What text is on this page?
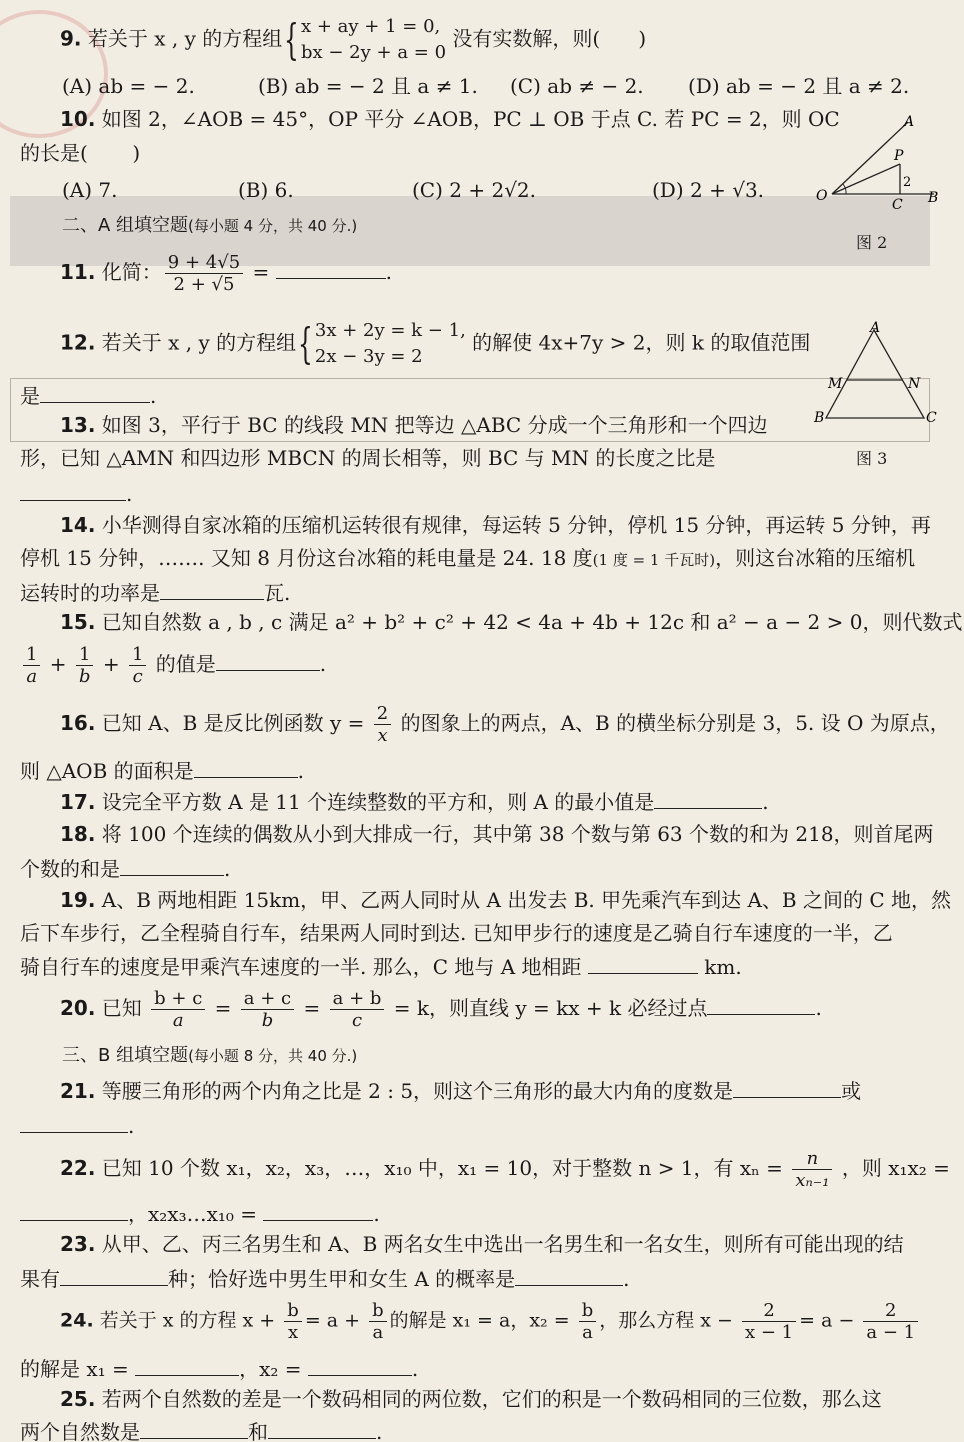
9. 若关于 x , y 的方程组{ x + ay + 1 = 0,
bx − 2y + a = 0 没有实数解，则( )
(A) ab = − 2.	(B) ab = − 2 且 a ≠ 1. (C) ab ≠ − 2. (D) ab = − 2 且 a ≠ 2.
10. 如图 2，∠AOB = 45°，OP 平分 ∠AOB，PC ⊥ OB 于点 C. 若 PC = 2，则 OC
的长是( )
(A) 7.	(B) 6.	(C) 2 + 2√2.	(D) 2 + √3.
A
P
2
O
C B
图 2
二、A 组填空题(每小题 4 分，共 40 分.)
11. 化简： $\frac{9 + 4√5}{2 + √5}$ =	.
12. 若关于 x , y 的方程组{ 3x + 2y = k − 1,
2x − 3y = 2 的解使 4x+7y > 2，则 k 的取值范围
是	.
A
M	N
B	C
图 3
13. 如图 3，平行于 BC 的线段 MN 把等边 △ABC 分成一个三角形和一个四边
形，已知 △AMN 和四边形 MBCN 的周长相等，则 BC 与 MN 的长度之比是
.
14. 小华测得自家冰箱的压缩机运转很有规律，每运转 5 分钟，停机 15 分钟，再运转 5 分钟，再
停机 15 分钟，……. 又知 8 月份这台冰箱的耗电量是 24. 18 度(1 度 = 1 千瓦时)，则这台冰箱的压缩机
运转时的功率是	瓦.
15. 已知自然数 a , b , c 满足 a² + b² + c² + 42 < 4a + 4b + 12c 和 a² − a − 2 > 0，则代数式
$\frac{1}{a} + \frac{1}{b} + \frac{1}{c}$ 的值是	.
16. 已知 A、B 是反比例函数 $y = \frac{2}{x}$ 的图象上的两点，A、B 的横坐标分别是 3，5. 设 O 为原点，
则 △AOB 的面积是	.
17. 设完全平方数 A 是 11 个连续整数的平方和，则 A 的最小值是	.
18. 将 100 个连续的偶数从小到大排成一行，其中第 38 个数与第 63 个数的和为 218，则首尾两
个数的和是	.
19. A、B 两地相距 15km，甲、乙两人同时从 A 出发去 B. 甲先乘汽车到达 A、B 之间的 C 地，然
后下车步行，乙全程骑自行车，结果两人同时到达. 已知甲步行的速度是乙骑自行车速度的一半，乙
骑自行车的速度是甲乘汽车速度的一半. 那么，C 地与 A 地相距	km.
20. 已知 $\frac{b + c}{a} = \frac{a + c}{b} = \frac{a + b}{c} = k$，则直线 y = kx + k 必经过点	.
三、B 组填空题(每小题 8 分，共 40 分.)
21. 等腰三角形的两个内角之比是 2 : 5，则这个三角形的最大内角的度数是	或
.
22. 已知 10 个数 x₁，x₂，x₃，…，x₁₀ 中，x₁ = 10，对于整数 n > 1，有 $x_n = \frac{n}{\text{xₙ₋₁}}$ ，则 x₁x₂ =
，x₂x₃…x₁₀ =	.
23. 从甲、乙、丙三名男生和 A、B 两名女生中选出一名男生和一名女生，则所有可能出现的结
果有	种；恰好选中男生甲和女生 A 的概率是	.
24. 若关于 x 的方程 $x + \frac{b}{x} = a + \frac{b}{a}$ 的解是 x₁ = a，$x_2 = \frac{b}{a}$ ，那么方程 $x - \frac{2}{x - 1} = a - \frac{2}{a - 1}$
的解是 x₁ =	，x₂ =	.
25. 若两个自然数的差是一个数码相同的两位数，它们的积是一个数码相同的三位数，那么这
两个自然数是	和	.
